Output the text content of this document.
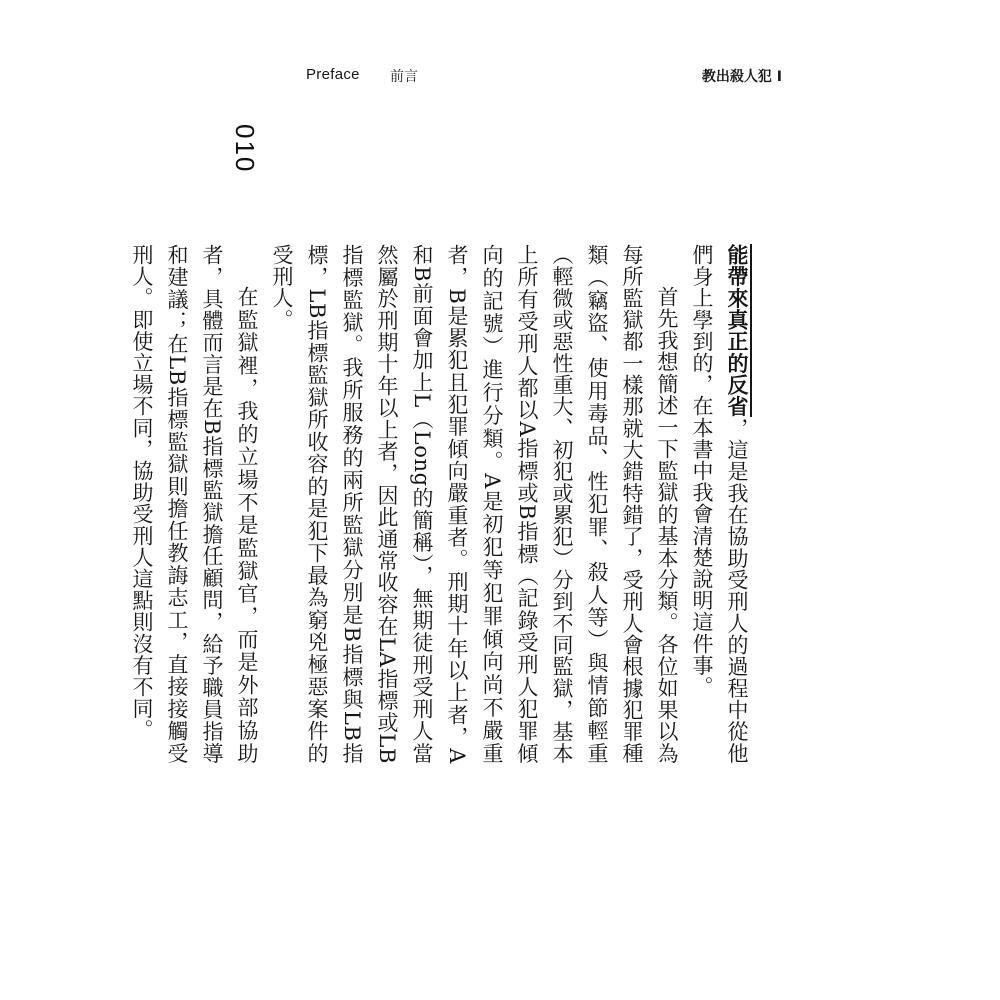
Preface 前言	教出殺人犯 I
010

能帶來真正的反省，這是我在協助受刑人的過程中從他們身上學到的，在本書中我會清楚說明這件事。

首先我想簡述一下監獄的基本分類。各位如果以為每所監獄都一樣那就大錯特錯了，受刑人會根據犯罪種類（竊盜、使用毒品、性犯罪、殺人等）與情節輕重（輕微或惡性重大、初犯或累犯）分到不同監獄，基本上所有受刑人都以A指標或B指標（記錄受刑人犯罪傾向的記號）進行分類。A是初犯等犯罪傾向尚不嚴重者，B是累犯且犯罪傾向嚴重者。刑期十年以上者，A和B前面會加上L（Long的簡稱），無期徒刑受刑人當然屬於刑期十年以上者，因此通常收容在LA指標或LB指標監獄。我所服務的兩所監獄分別是B指標與LB指標，LB指標監獄所收容的是犯下最為窮兇極惡案件的受刑人。

在監獄裡，我的立場不是監獄官，而是外部協助者，具體而言是在B指標監獄擔任顧問，給予職員指導和建議；在LB指標監獄則擔任教誨志工，直接接觸受刑人。即使立場不同，協助受刑人這點則沒有不同。
